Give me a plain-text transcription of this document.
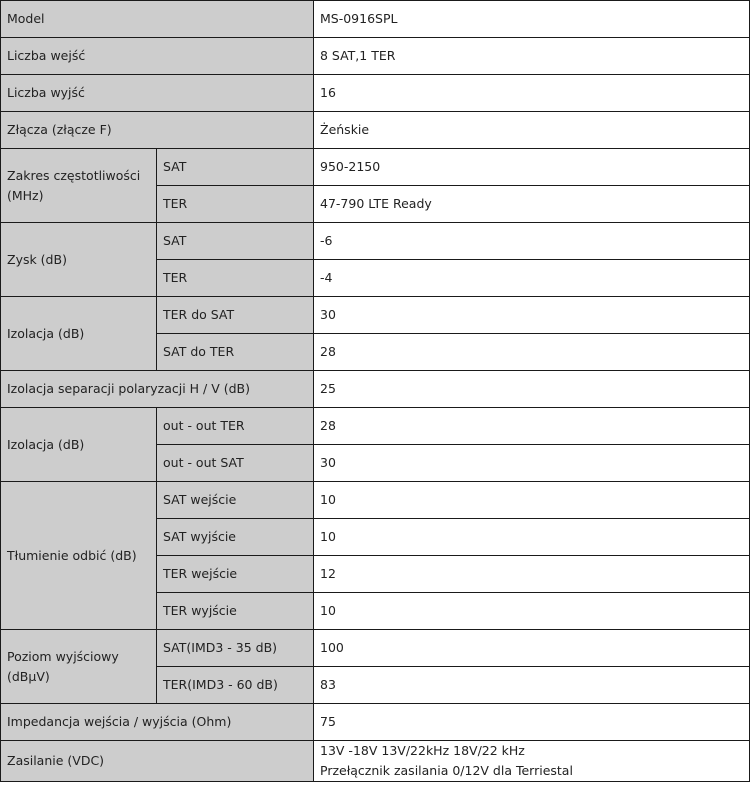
Model		MS-0916SPL
Liczba wejść		8 SAT,1 TER
Liczba wyjść		16
Złącza (złącze F)		Żeńskie
Zakres częstotliwości (MHz)	SAT	950-2150
	TER	47-790 LTE Ready
Zysk (dB)	SAT	-6
	TER	-4
Izolacja (dB)	TER do SAT	30
	SAT do TER	28
Izolacja separacji polaryzacji H / V (dB)		25
Izolacja (dB)	out - out TER	28
	out - out SAT	30
Tłumienie odbić (dB)	SAT wejście	10
	SAT wyjście	10
	TER wejście	12
	TER wyjście	10
Poziom wyjściowy (dBµV)	SAT(IMD3 - 35 dB)	100
	TER(IMD3 - 60 dB)	83
Impedancja wejścia / wyjścia (Ohm)		75
Zasilanie (VDC)		13V -18V 13V/22kHz 18V/22 kHz
Przełącznik zasilania 0/12V dla Terriestal
